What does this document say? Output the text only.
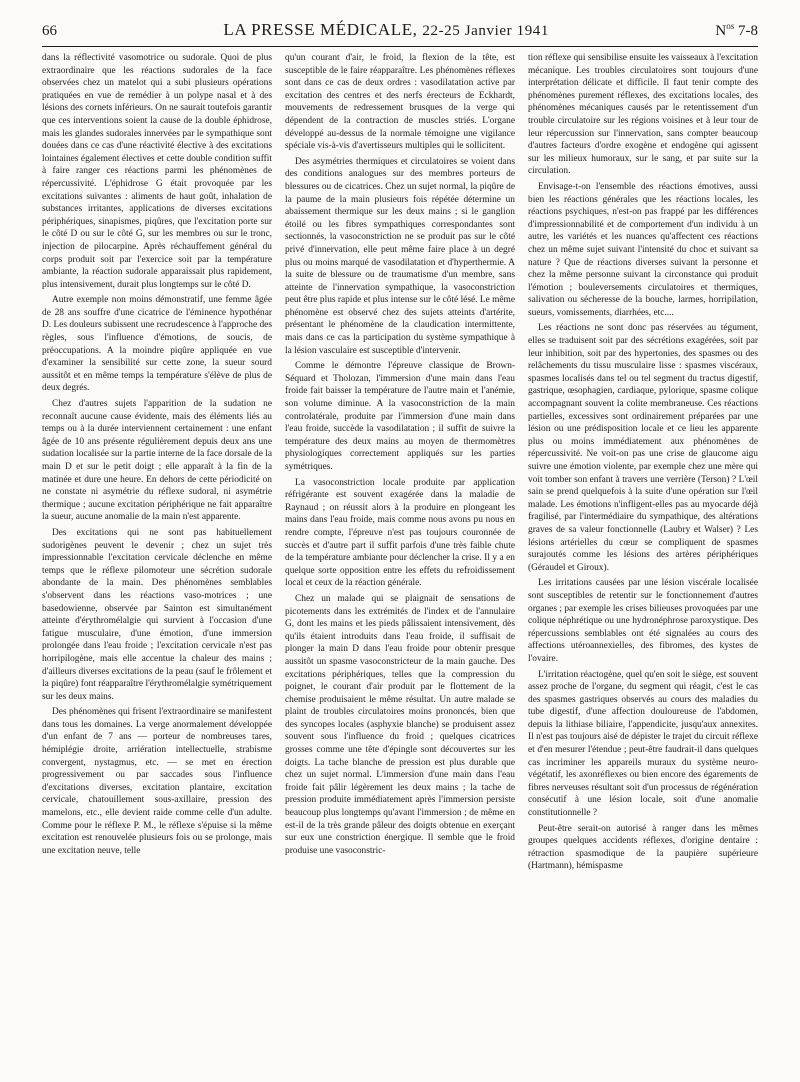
66	LA PRESSE MÉDICALE, 22-25 Janvier 1941	$N^{os}$ 7-8

dans la réflectivité vasomotrice ou sudorale. Quoi de plus extraordinaire que les réactions sudorales de la face observées chez un matelot qui a subi plusieurs opérations pratiquées en vue de remédier à un polype nasal et à des lésions des cornets inférieurs. On ne saurait toutefois garantir que ces interventions soient la cause de la double éphidrose, mais les glandes sudorales innervées par le sympathique sont douées dans ce cas d'une réactivité élective à des excitations lointaines également électives et cette double condition suffit à faire ranger ces réactions parmi les phénomènes de répercussivité. L'éphidrose G était provoquée par les excitations suivantes : aliments de haut goût, inhalation de substances irritantes, applications de diverses excitations périphériques, sinapismes, piqûres, que l'excitation porte sur le côté D ou sur le côté G, sur les membres ou sur le tronc, injection de pilocarpine. Après réchauffement général du corps produit soit par l'exercice soit par la température ambiante, la réaction sudorale apparaissait plus rapidement, plus intensivement, durait plus longtemps sur le côté D.

Autre exemple non moins démonstratif, une femme âgée de 28 ans souffre d'une cicatrice de l'éminence hypothénar D. Les douleurs subissent une recrudescence à l'approche des règles, sous l'influence d'émotions, de soucis, de préoccupations. A la moindre piqûre appliquée en vue d'examiner la sensibilité sur cette zone, la sueur sourd aussitôt et en même temps la température s'élève de plus de deux degrés.

Chez d'autres sujets l'apparition de la sudation ne reconnaît aucune cause évidente, mais des éléments liés au temps ou à la durée interviennent certainement : une enfant âgée de 10 ans présente régulièrement depuis deux ans une sudation localisée sur la partie interne de la face dorsale de la main D et sur le petit doigt ; elle apparaît à la fin de la matinée et dure une heure. En dehors de cette périodicité on ne constate ni asymétrie du réflexe sudoral, ni asymétrie thermique ; aucune excitation périphérique ne fait apparaître la sueur, aucune anomalie de la main n'est apparente.

Des excitations qui ne sont pas habituellement sudorigènes peuvent le devenir ; chez un sujet très impressionnable l'excitation cervicale déclenche en même temps que le réflexe pilomoteur une sécrétion sudorale abondante de la main. Des phénomènes semblables s'observent dans les réactions vaso-motrices ; une basedowienne, observée par Sainton est simultanément atteinte d'érythromélalgie qui survient à l'occasion d'une fatigue musculaire, d'une émotion, d'une immersion prolongée dans l'eau froide ; l'excitation cervicale n'est pas horripilogène, mais elle accentue la chaleur des mains ; d'ailleurs diverses excitations de la peau (sauf le frôlement et la piqûre) font réapparaître l'érythromélalgie symétriquement sur les deux mains.

Des phénomènes qui frisent l'extraordinaire se manifestent dans tous les domaines. La verge anormalement développée d'un enfant de 7 ans — porteur de nombreuses tares, hémiplégie droite, arriération intellectuelle, strabisme convergent, nystagmus, etc. — se met en érection progressivement ou par saccades sous l'influence d'excitations diverses, excitation plantaire, excitation cervicale, chatouillement sous-axillaire, pression des mamelons, etc., elle devient raide comme celle d'un adulte. Comme pour le réflexe P. M., le réflexe s'épuise si la même excitation est renouvelée plusieurs fois ou se prolonge, mais une excitation neuve, telle

qu'un courant d'air, le froid, la flexion de la tête, est susceptible de le faire réapparaître. Les phénomènes réflexes sont dans ce cas de deux ordres : vasodilatation active par excitation des centres et des nerfs érecteurs de Eckhardt, mouvements de redressement brusques de la verge qui dépendent de la contraction de muscles striés. L'organe développé au-dessus de la normale témoigne une vigilance spéciale vis-à-vis d'avertisseurs multiples qui le sollicitent.

Des asymétries thermiques et circulatoires se voient dans des conditions analogues sur des membres porteurs de blessures ou de cicatrices. Chez un sujet normal, la piqûre de la paume de la main plusieurs fois répétée détermine un abaissement thermique sur les deux mains ; si le ganglion étoilé ou les fibres sympathiques correspondantes sont sectionnés, la vasoconstriction ne se produit pas sur le côté privé d'innervation, elle peut même faire place à un degré plus ou moins marqué de vasodilatation et d'hyperthermie. A la suite de blessure ou de traumatisme d'un membre, sans atteinte de l'innervation sympathique, la vasoconstriction peut être plus rapide et plus intense sur le côté lésé. Le même phénomène est observé chez des sujets atteints d'artérite, présentant le phénomène de la claudication intermittente, mais dans ce cas la participation du système sympathique à la lésion vasculaire est susceptible d'intervenir.

Comme le démontre l'épreuve classique de Brown-Séquard et Tholozan, l'immersion d'une main dans l'eau froide fait baisser la température de l'autre main et l'anémie, son volume diminue. A la vasoconstriction de la main controlatérale, produite par l'immersion d'une main dans l'eau froide, succède la vasodilatation ; il suffit de suivre la température des deux mains au moyen de thermomètres physiologiques correctement appliqués sur les parties symétriques.

La vasoconstriction locale produite par application réfrigérante est souvent exagérée dans la maladie de Raynaud ; on réussit alors à la produire en plongeant les mains dans l'eau froide, mais comme nous avons pu nous en rendre compte, l'épreuve n'est pas toujours couronnée de succès et d'autre part il suffit parfois d'une très faible chute de la température ambiante pour déclencher la crise. Il y a en quelque sorte opposition entre les effets du refroidissement local et ceux de la réaction générale.

Chez un malade qui se plaignait de sensations de picotements dans les extrémités de l'index et de l'annulaire G, dont les mains et les pieds pâlissaient intensivement, dès qu'ils étaient introduits dans l'eau froide, il suffisait de plonger la main D dans l'eau froide pour obtenir presque aussitôt un spasme vasoconstricteur de la main gauche. Des excitations périphériques, telles que la compression du poignet, le courant d'air produit par le flottement de la chemise produisaient le même résultat. Un autre malade se plaint de troubles circulatoires moins prononcés, bien que des syncopes locales (asphyxie blanche) se produisent assez souvent sous l'influence du froid ; quelques cicatrices grosses comme une tête d'épingle sont découvertes sur les doigts. La tache blanche de pression est plus durable que chez un sujet normal. L'immersion d'une main dans l'eau froide fait pâlir légèrement les deux mains ; la tache de pression produite immédiatement après l'immersion persiste beaucoup plus longtemps qu'avant l'immersion ; de même en est-il de la très grande pâleur des doigts obtenue en exerçant sur eux une constriction énergique. Il semble que le froid produise une vasoconstric-

tion réflexe qui sensibilise ensuite les vaisseaux à l'excitation mécanique. Les troubles circulatoires sont toujours d'une interprétation délicate et difficile. Il faut tenir compte des phénomènes purement réflexes, des excitations locales, des phénomènes mécaniques causés par le retentissement d'un trouble circulatoire sur les régions voisines et à leur tour de leur répercussion sur l'innervation, sans compter beaucoup d'autres facteurs d'ordre exogène et endogène qui agissent sur les milieux humoraux, sur le sang, et par suite sur la circulation.

Envisage-t-on l'ensemble des réactions émotives, aussi bien les réactions générales que les réactions locales, les réactions psychiques, n'est-on pas frappé par les différences d'impressionnabilité et de comportement d'un individu à un autre, les variétés et les nuances qu'affectent ces réactions chez un même sujet suivant l'intensité du choc et suivant sa nature ? Que de réactions diverses suivant la personne et chez la même personne suivant la circonstance qui produit l'émotion ; bouleversements circulatoires et thermiques, salivation ou sécheresse de la bouche, larmes, horripilation, sueurs, vomissements, diarrhées, etc....

Les réactions ne sont donc pas réservées au tégument, elles se traduisent soit par des sécrétions exagérées, soit par leur inhibition, soit par des hypertonies, des spasmes ou des relâchements du tissu musculaire lisse : spasmes viscéraux, spasmes localisés dans tel ou tel segment du tractus digestif, gastrique, œsophagien, cardiaque, pylorique, spasme colique accompagnant souvent la colite membraneuse. Ces réactions partielles, excessives sont ordinairement préparées par une lésion ou une prédisposition locale et ce lieu les apparente plus ou moins immédiatement aux phénomènes de répercussivité. Ne voit-on pas une crise de glaucome aigu suivre une émotion violente, par exemple chez une mère qui voit tomber son enfant à travers une verrière (Terson) ? L'œil sain se prend quelquefois à la suite d'une opération sur l'œil malade. Les émotions n'infligent-elles pas au myocarde déjà fragilisé, par l'intermédiaire du sympathique, des altérations graves de sa valeur fonctionnelle (Laubry et Walser) ? Les lésions artérielles du cœur se compliquent de spasmes surajoutés comme les lésions des artères périphériques (Géraudel et Giroux).

Les irritations causées par une lésion viscérale localisée sont susceptibles de retentir sur le fonctionnement d'autres organes ; par exemple les crises bilieuses provoquées par une colique néphrétique ou une hydronéphrose paroxystique. Des répercussions semblables ont été signalées au cours des affections utéroannexielles, des fibromes, des kystes de l'ovaire.

L'irritation réactogène, quel qu'en soit le siège, est souvent assez proche de l'organe, du segment qui réagit, c'est le cas des spasmes gastriques observés au cours des maladies du tube digestif, d'une affection douloureuse de l'abdomen, depuis la lithiase biliaire, l'appendicite, jusqu'aux annexites. Il n'est pas toujours aisé de dépister le trajet du circuit réflexe et d'en mesurer l'étendue ; peut-être faudrait-il dans quelques cas incriminer les appareils muraux du système neuro-végétatif, les axonréflexes ou bien encore des égarements de fibres nerveuses résultant soit d'un processus de régénération consécutif à une lésion locale, soit d'une anomalie constitutionnelle ?

Peut-être serait-on autorisé à ranger dans les mêmes groupes quelques accidents réflexes, d'origine dentaire : rétraction spasmodique de la paupière supérieure (Hartmann), hémispasme
